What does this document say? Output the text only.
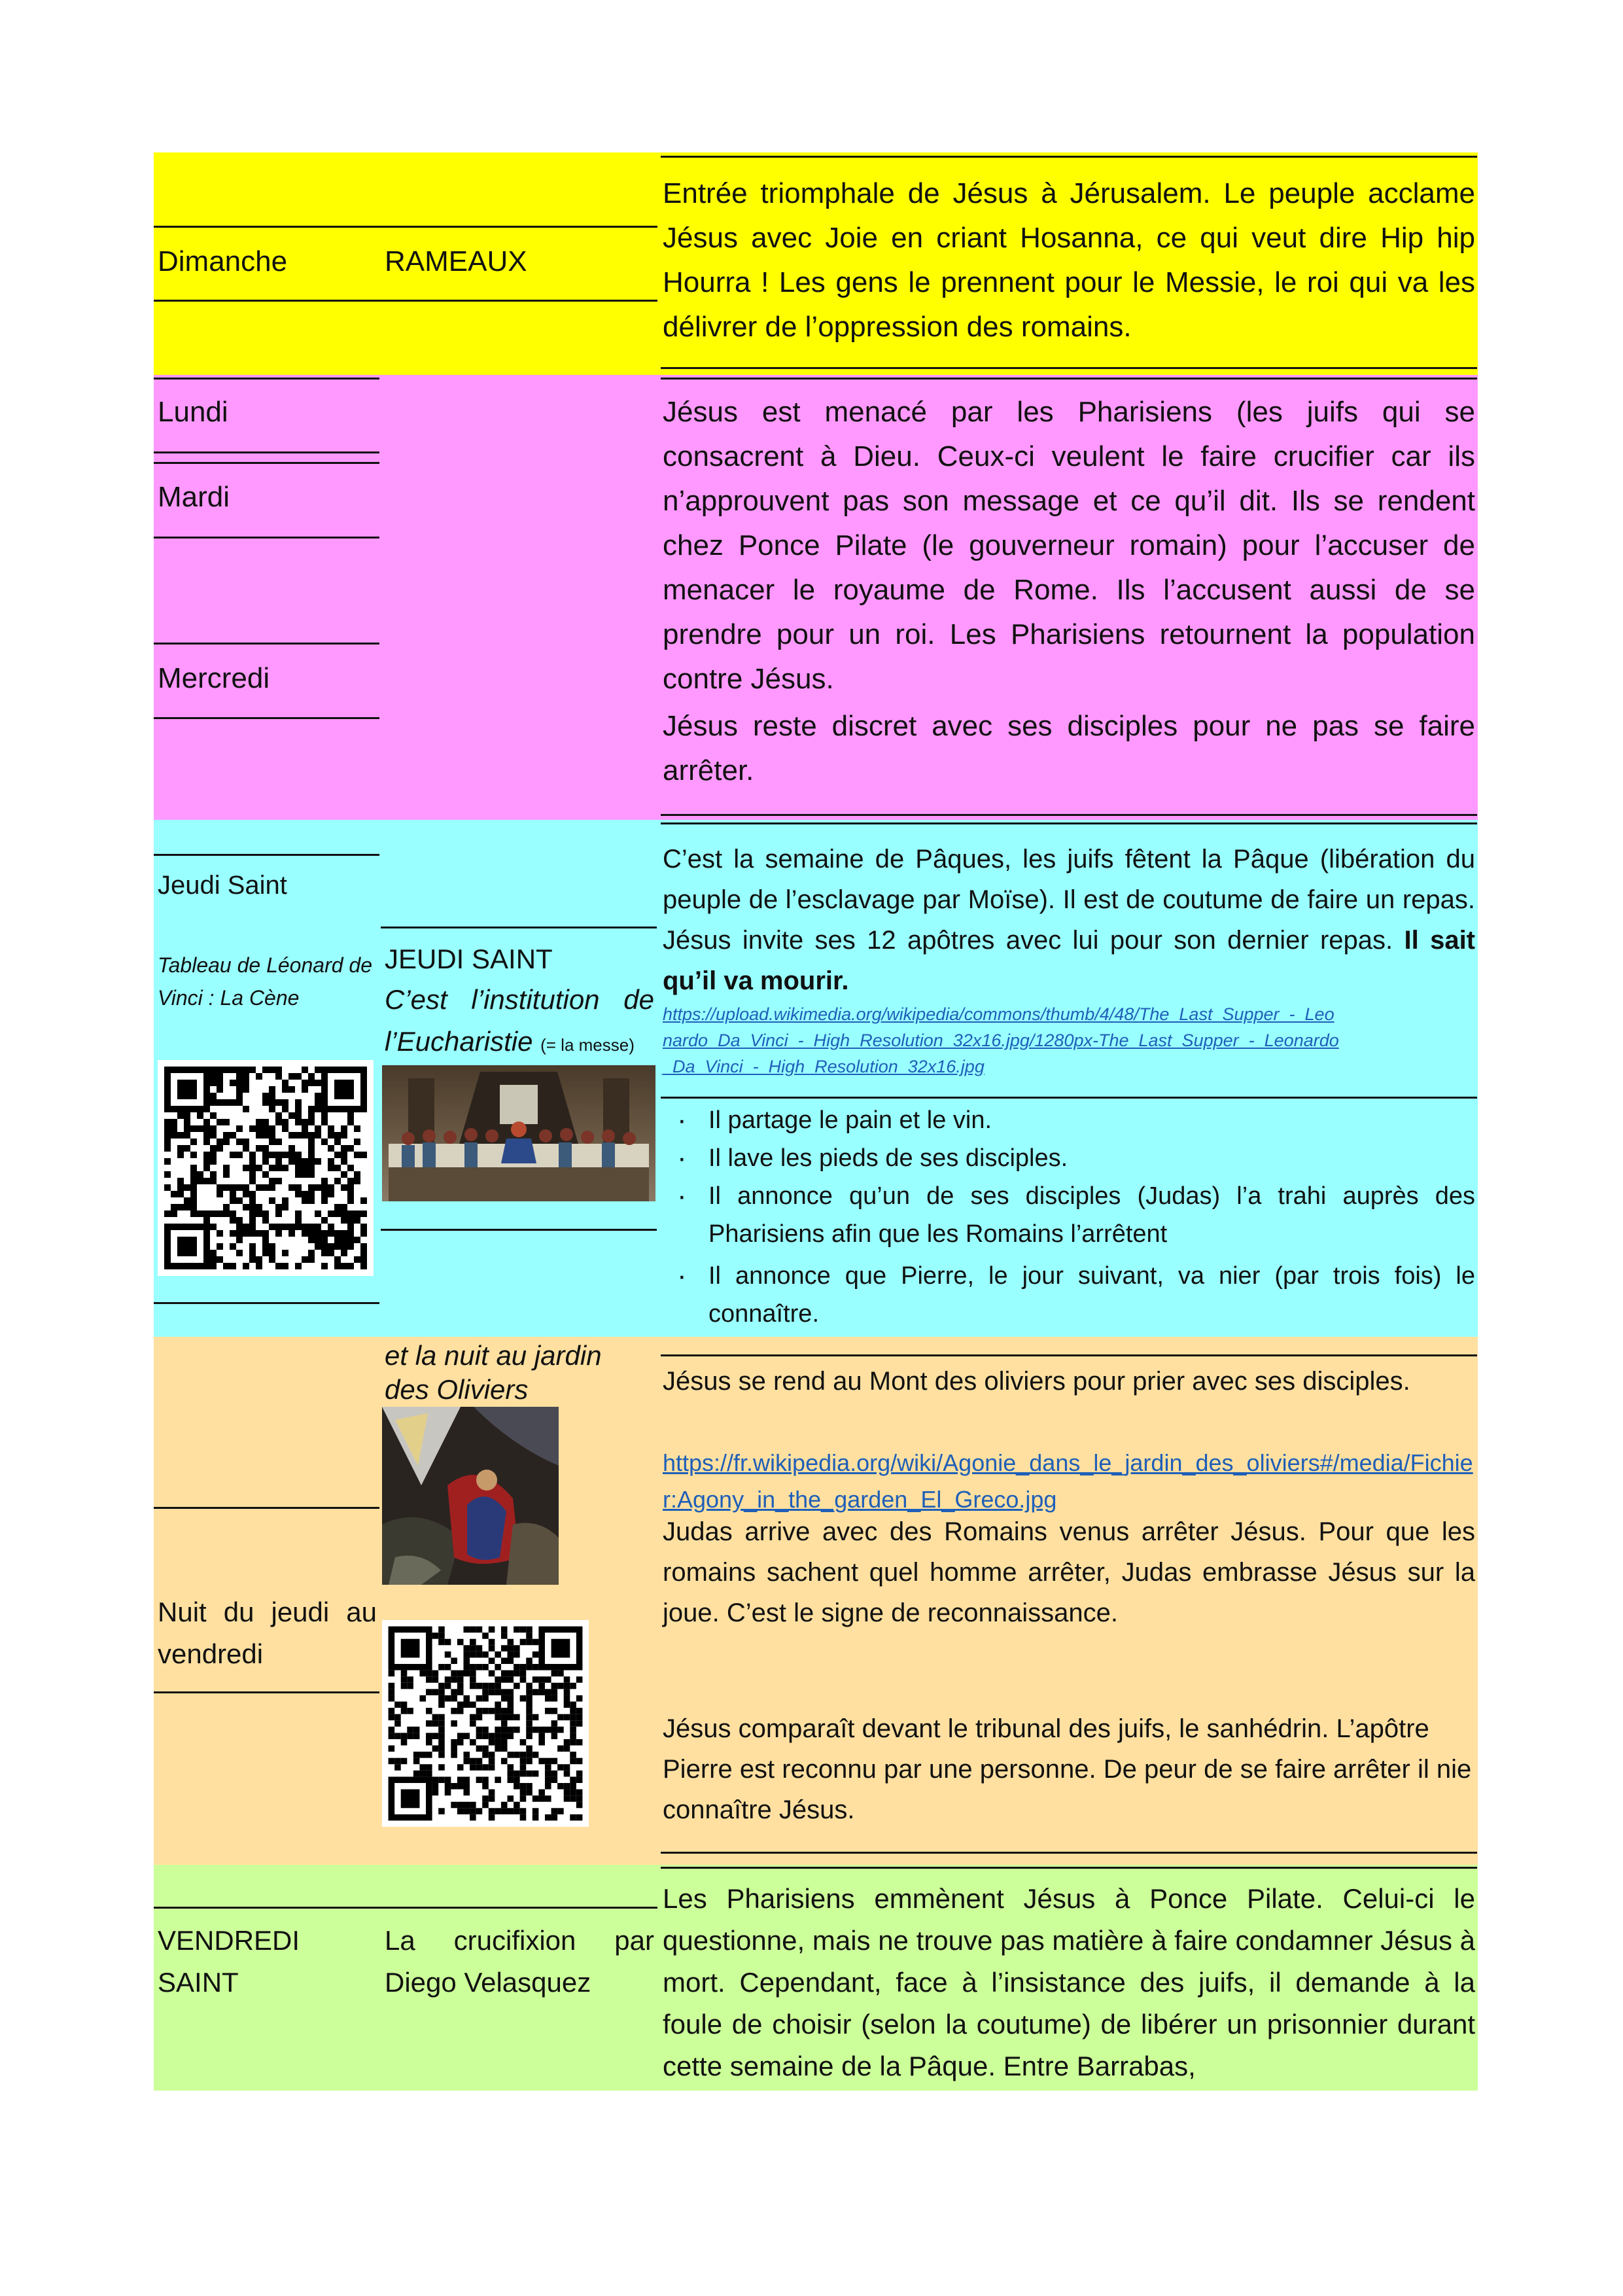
Dimanche	RAMEAUX
Entrée triomphale de Jésus à Jérusalem. Le peuple acclame Jésus avec Joie en criant Hosanna, ce qui veut dire Hip hip Hourra ! Les gens le prennent pour le Messie, le roi qui va les délivrer de l’oppression des romains.
Lundi
Mardi
Mercredi
Jésus est menacé par les Pharisiens (les juifs qui se consacrent à Dieu. Ceux-ci veulent le faire crucifier car ils n’approuvent pas son message et ce qu’il dit. Ils se rendent chez Ponce Pilate (le gouverneur romain) pour l’accuser de menacer le royaume de Rome. Ils l’accusent aussi de se prendre pour un roi. Les Pharisiens retournent la population contre Jésus.
Jésus reste discret avec ses disciples pour ne pas se faire arrêter.
Jeudi Saint
Tableau de Léonard de Vinci : La Cène
JEUDI SAINT
C’est l’institution de l’Eucharistie (= la messe)
C’est la semaine de Pâques, les juifs fêtent la Pâque (libération du peuple de l’esclavage par Moïse). Il est de coutume de faire un repas. Jésus invite ses 12 apôtres avec lui pour son dernier repas. Il sait qu’il va mourir.
https://upload.wikimedia.org/wikipedia/commons/thumb/4/48/The_Last_Supper_-_Leonardo_Da_Vinci_-_High_Resolution_32x16.jpg/1280px-The_Last_Supper_-_Leonardo_Da_Vinci_-_High_Resolution_32x16.jpg
· Il partage le pain et le vin.
· Il lave les pieds de ses disciples.
· Il annonce qu’un de ses disciples (Judas) l’a trahi auprès des Pharisiens afin que les Romains l’arrêtent
· Il annonce que Pierre, le jour suivant, va nier (par trois fois) le connaître.
et la nuit au jardin des Oliviers
Nuit du jeudi au vendredi
Jésus se rend au Mont des oliviers pour prier avec ses disciples.
https://fr.wikipedia.org/wiki/Agonie_dans_le_jardin_des_oliviers#/media/Fichier:Agony_in_the_garden_El_Greco.jpg
Judas arrive avec des Romains venus arrêter Jésus. Pour que les romains sachent quel homme arrêter, Judas embrasse Jésus sur la joue. C’est le signe de reconnaissance.
Jésus comparaît devant le tribunal des juifs, le sanhédrin. L’apôtre Pierre est reconnu par une personne. De peur de se faire arrêter il nie connaître Jésus.
VENDREDI SAINT
La crucifixion par Diego Velasquez
Les Pharisiens emmènent Jésus à Ponce Pilate. Celui-ci le questionne, mais ne trouve pas matière à faire condamner Jésus à mort. Cependant, face à l’insistance des juifs, il demande à la foule de choisir (selon la coutume) de libérer un prisonnier durant cette semaine de la Pâque. Entre Barrabas,
